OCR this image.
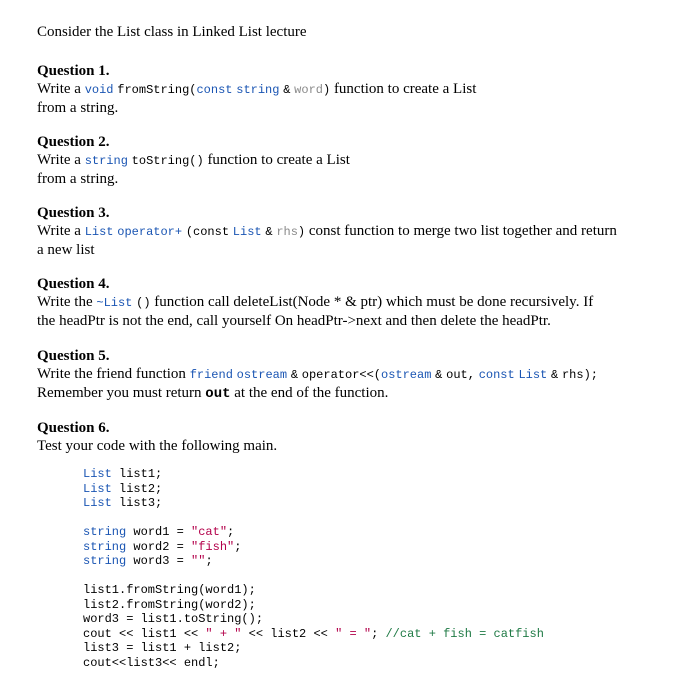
Consider the List class in Linked List lecture
Question 1.
Write a void fromString(const string & word) function to create a List
from a string.
Question 2.
Write a string toString() function to create a List
from a string.
Question 3.
Write a List operator+ (const List & rhs) const function to merge two list together and return
a new list
Question 4.
Write the ~List () function call deleteList(Node * & ptr) which must be done recursively. If
the headPtr is not the end, call yourself On headPtr->next and then delete the headPtr.
Question 5.
Write the friend function friend ostream & operator<<(ostream & out, const List & rhs);
Remember you must return out at the end of the function.
Question 6.
Test your code with the following main.
List list1;
List list2;
List list3;
string word1 = "cat";
string word2 = "fish";
string word3 = "";
list1.fromString(word1);
list2.fromString(word2);
word3 = list1.toString();
cout << list1 << " + " << list2 << " = "; //cat + fish = catfish
list3 = list1 + list2;
cout<<list3<< endl;
